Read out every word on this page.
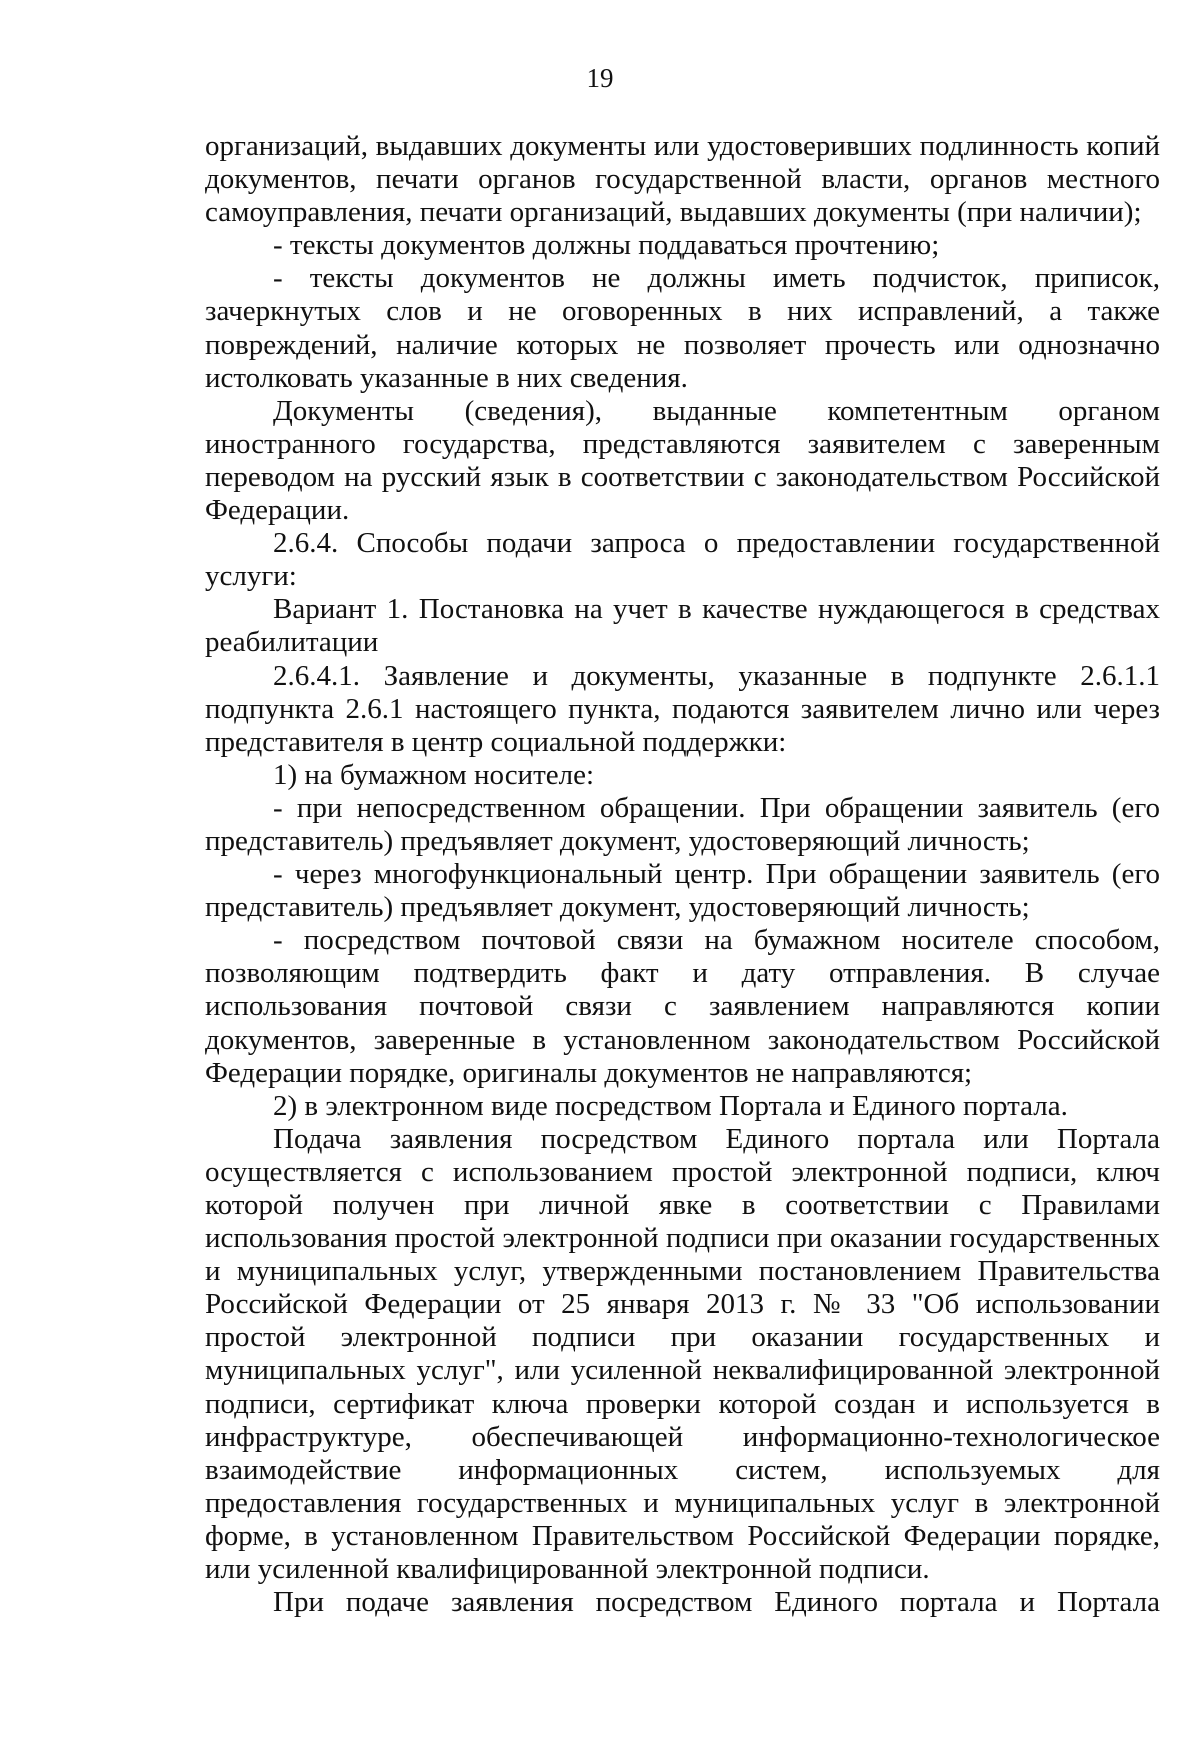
19

организаций, выдавших документы или удостоверивших подлинность копий документов, печати органов государственной власти, органов местного самоуправления, печати организаций, выдавших документы (при наличии);

- тексты документов должны поддаваться прочтению;

- тексты документов не должны иметь подчисток, приписок, зачеркнутых слов и не оговоренных в них исправлений, а также повреждений, наличие которых не позволяет прочесть или однозначно истолковать указанные в них сведения.

Документы (сведения), выданные компетентным органом иностранного государства, представляются заявителем с заверенным переводом на русский язык в соответствии с законодательством Российской Федерации.

2.6.4. Способы подачи запроса о предоставлении государственной услуги:

Вариант 1. Постановка на учет в качестве нуждающегося в средствах реабилитации

2.6.4.1. Заявление и документы, указанные в подпункте 2.6.1.1 подпункта 2.6.1 настоящего пункта, подаются заявителем лично или через представителя в центр социальной поддержки:

1) на бумажном носителе:

- при непосредственном обращении. При обращении заявитель (его представитель) предъявляет документ, удостоверяющий личность;

- через многофункциональный центр. При обращении заявитель (его представитель) предъявляет документ, удостоверяющий личность;

- посредством почтовой связи на бумажном носителе способом, позволяющим подтвердить факт и дату отправления. В случае использования почтовой связи с заявлением направляются копии документов, заверенные в установленном законодательством Российской Федерации порядке, оригиналы документов не направляются;

2) в электронном виде посредством Портала и Единого портала.

Подача заявления посредством Единого портала или Портала осуществляется с использованием простой электронной подписи, ключ которой получен при личной явке в соответствии с Правилами использования простой электронной подписи при оказании государственных и муниципальных услуг, утвержденными постановлением Правительства Российской Федерации от 25 января 2013 г. № 33 "Об использовании простой электронной подписи при оказании государственных и муниципальных услуг", или усиленной неквалифицированной электронной подписи, сертификат ключа проверки которой создан и используется в инфраструктуре, обеспечивающей информационно-технологическое взаимодействие информационных систем, используемых для предоставления государственных и муниципальных услуг в электронной форме, в установленном Правительством Российской Федерации порядке, или усиленной квалифицированной электронной подписи.

При подаче заявления посредством Единого портала и Портала
